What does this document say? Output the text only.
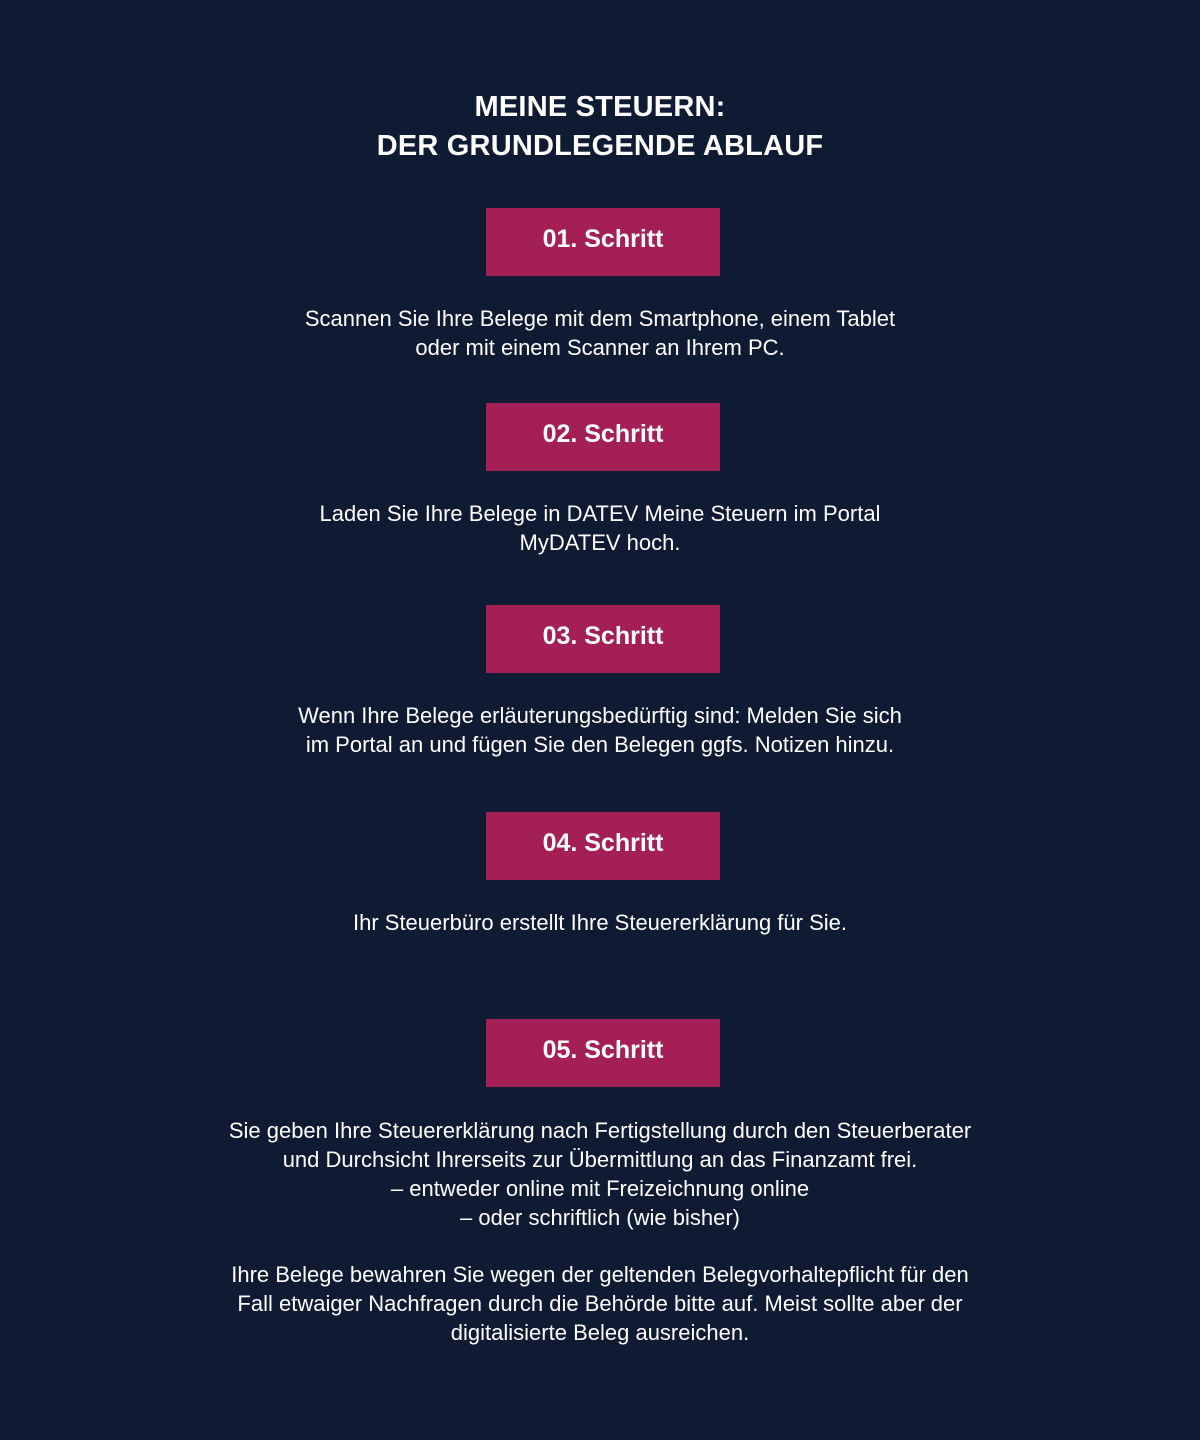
MEINE STEUERN:
DER GRUNDLEGENDE ABLAUF
01. Schritt

Scannen Sie Ihre Belege mit dem Smartphone, einem Tablet
oder mit einem Scanner an Ihrem PC.

02. Schritt

Laden Sie Ihre Belege in DATEV Meine Steuern im Portal
MyDATEV hoch.

03. Schritt

Wenn Ihre Belege erläuterungsbedürftig sind: Melden Sie sich
im Portal an und fügen Sie den Belegen ggfs. Notizen hinzu.

04. Schritt

Ihr Steuerbüro erstellt Ihre Steuererklärung für Sie.

05. Schritt

Sie geben Ihre Steuererklärung nach Fertigstellung durch den Steuerberater
und Durchsicht Ihrerseits zur Übermittlung an das Finanzamt frei.
– entweder online mit Freizeichnung online
– oder schriftlich (wie bisher)

Ihre Belege bewahren Sie wegen der geltenden Belegvorhaltepflicht für den
Fall etwaiger Nachfragen durch die Behörde bitte auf. Meist sollte aber der
digitalisierte Beleg ausreichen.
